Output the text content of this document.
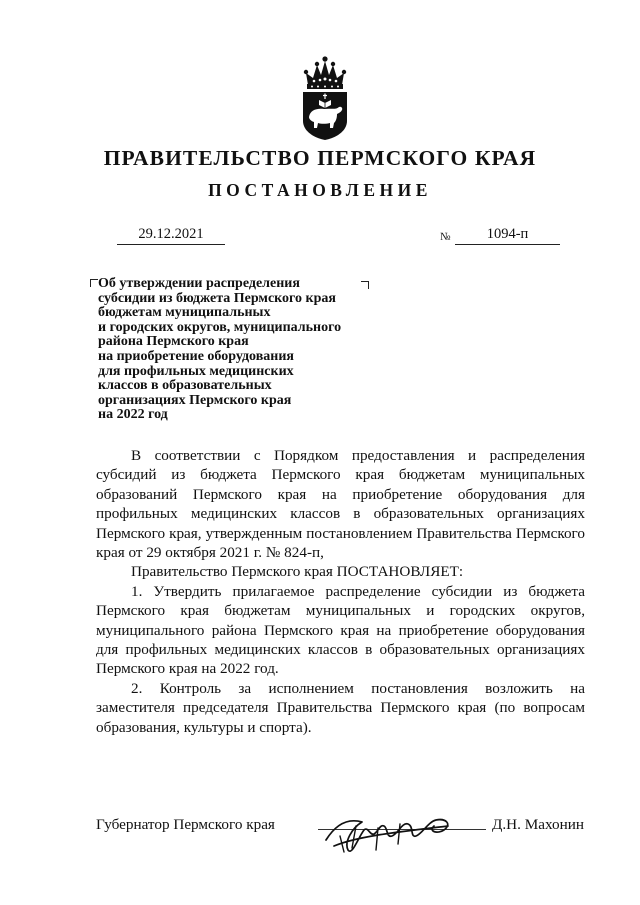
ПРАВИТЕЛЬСТВО ПЕРМСКОГО КРАЯ
ПОСТАНОВЛЕНИЕ
29.12.2021	№	1094-п
Об утверждении распределения
субсидии из бюджета Пермского края
бюджетам муниципальных
и городских округов, муниципального
района Пермского края
на приобретение оборудования
для профильных медицинских
классов в образовательных
организациях Пермского края
на 2022 год

В соответствии с Порядком предоставления и распределения субсидий из бюджета Пермского края бюджетам муниципальных образований Пермского края на приобретение оборудования для профильных медицинских классов в образовательных организациях Пермского края, утвержденным постановлением Правительства Пермского края от 29 октября 2021 г. № 824-п,

Правительство Пермского края ПОСТАНОВЛЯЕТ:

1. Утвердить прилагаемое распределение субсидии из бюджета Пермского края бюджетам муниципальных и городских округов, муниципального района Пермского края на приобретение оборудования для профильных медицинских классов в образовательных организациях Пермского края на 2022 год.

2. Контроль за исполнением постановления возложить на заместителя председателя Правительства Пермского края (по вопросам образования, культуры и спорта).

Губернатор Пермского края	Д.Н. Махонин
